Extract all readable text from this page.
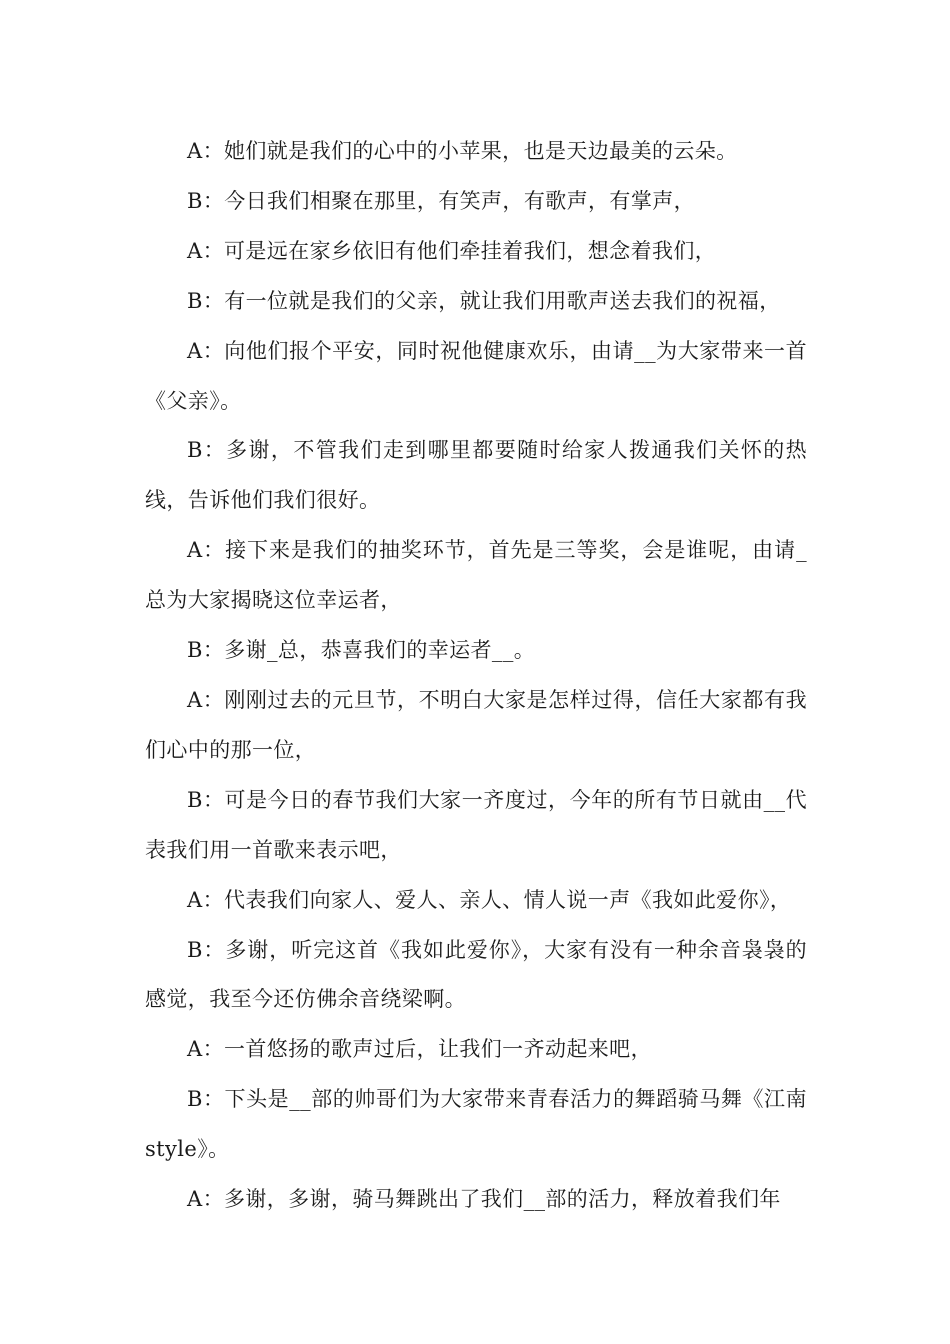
A：她们就是我们的心中的小苹果，也是天边最美的云朵。

B：今日我们相聚在那里，有笑声，有歌声，有掌声，

A：可是远在家乡依旧有他们牵挂着我们，想念着我们，

B：有一位就是我们的父亲，就让我们用歌声送去我们的祝福，

A：向他们报个平安，同时祝他健康欢乐，由请__为大家带来一首《父亲》。

B：多谢，不管我们走到哪里都要随时给家人拨通我们关怀的热线，告诉他们我们很好。

A：接下来是我们的抽奖环节，首先是三等奖，会是谁呢，由请_总为大家揭晓这位幸运者，

B：多谢_总，恭喜我们的幸运者__。

A：刚刚过去的元旦节，不明白大家是怎样过得，信任大家都有我们心中的那一位，

B：可是今日的春节我们大家一齐度过，今年的所有节日就由__代表我们用一首歌来表示吧，

A：代表我们向家人、爱人、亲人、情人说一声《我如此爱你》，

B：多谢，听完这首《我如此爱你》，大家有没有一种余音袅袅的感觉，我至今还仿佛余音绕梁啊。

A：一首悠扬的歌声过后，让我们一齐动起来吧，

B：下头是__部的帅哥们为大家带来青春活力的舞蹈骑马舞《江南style》。

A：多谢，多谢，骑马舞跳出了我们__部的活力，释放着我们年
